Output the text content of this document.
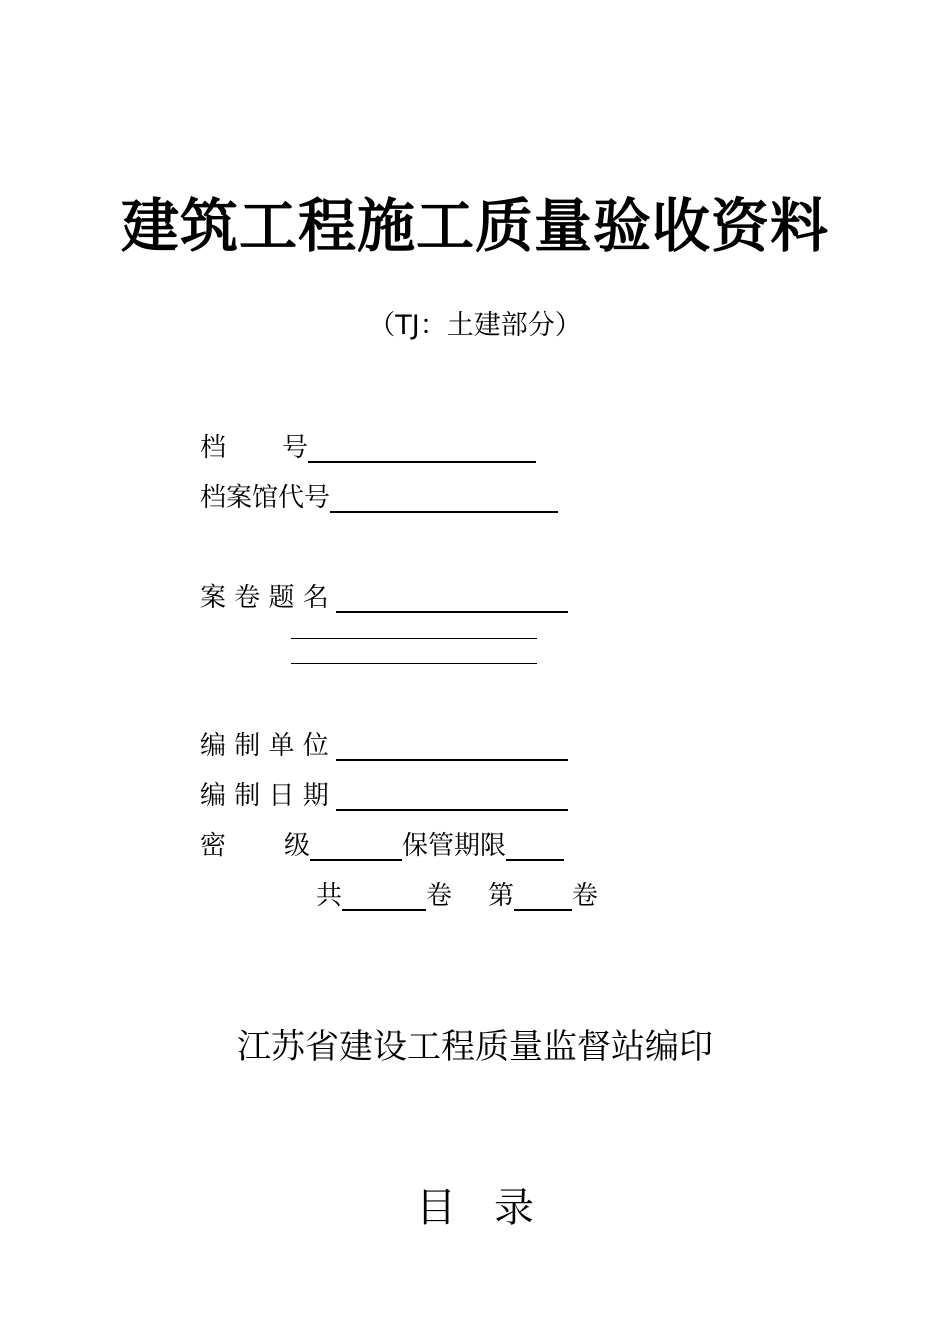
建筑工程施工质量验收资料
（TJ：土建部分）
档 号
档案馆代号
案 卷 题 名
编 制 单 位
编 制 日 期
密 级	保管期限
共	卷 第 卷
江苏省建设工程质量监督站编印
目 录
